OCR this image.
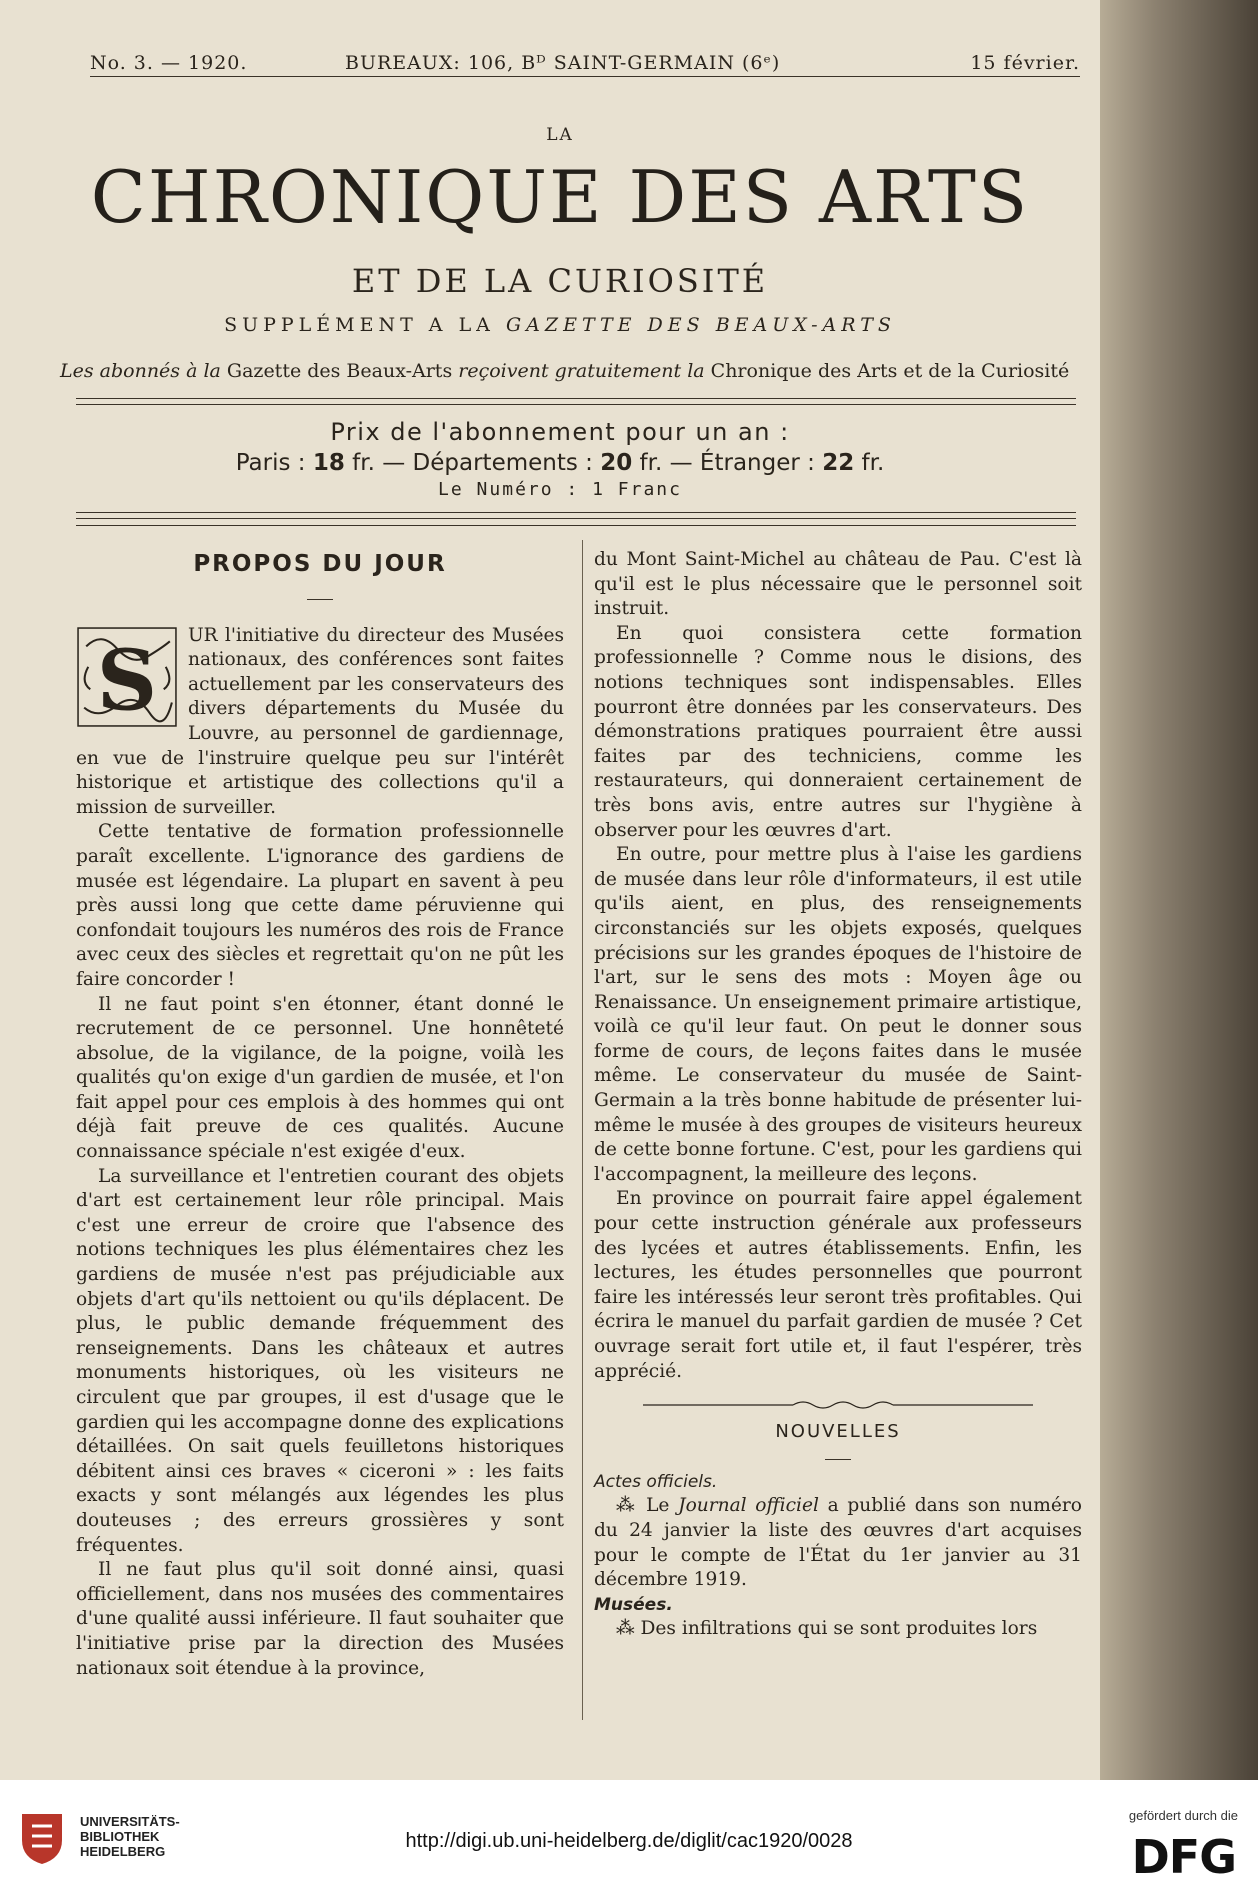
No. 3. — 1920.	BUREAUX: 106, Bᴰ SAINT-GERMAIN (6ᵉ)	15 février.
LA
CHRONIQUE DES ARTS
ET DE LA CURIOSITÉ
SUPPLÉMENT A LA GAZETTE DES BEAUX-ARTS
Les abonnés à la Gazette des Beaux-Arts reçoivent gratuitement la Chronique des Arts et de la Curiosité
Prix de l'abonnement pour un an :
Paris : 18 fr. — Départements : 20 fr. — Étranger : 22 fr.
Le Numéro : 1 Franc
PROPOS DU JOUR
S	UR l'initiative du directeur des Musées nationaux, des conférences sont faites actuellement par les conservateurs des divers départements du Musée du Louvre, au personnel de gardiennage, en vue de l'instruire quelque peu sur l'intérêt historique et artistique des collections qu'il a mission de surveiller.

Cette tentative de formation professionnelle paraît excellente. L'ignorance des gardiens de musée est légendaire. La plupart en savent à peu près aussi long que cette dame péruvienne qui confondait toujours les numéros des rois de France avec ceux des siècles et regrettait qu'on ne pût les faire concorder !

Il ne faut point s'en étonner, étant donné le recrutement de ce personnel. Une honnêteté absolue, de la vigilance, de la poigne, voilà les qualités qu'on exige d'un gardien de musée, et l'on fait appel pour ces emplois à des hommes qui ont déjà fait preuve de ces qualités. Aucune connaissance spéciale n'est exigée d'eux.

La surveillance et l'entretien courant des objets d'art est certainement leur rôle principal. Mais c'est une erreur de croire que l'absence des notions techniques les plus élémentaires chez les gardiens de musée n'est pas préjudiciable aux objets d'art qu'ils nettoient ou qu'ils déplacent. De plus, le public demande fréquemment des renseignements. Dans les châteaux et autres monuments historiques, où les visiteurs ne circulent que par groupes, il est d'usage que le gardien qui les accompagne donne des explications détaillées. On sait quels feuilletons historiques débitent ainsi ces braves « ciceroni » : les faits exacts y sont mélangés aux légendes les plus douteuses ; des erreurs grossières y sont fréquentes.

Il ne faut plus qu'il soit donné ainsi, quasi officiellement, dans nos musées des commentaires d'une qualité aussi inférieure. Il faut souhaiter que l'initiative prise par la direction des Musées nationaux soit étendue à la province,

du Mont Saint-Michel au château de Pau. C'est là qu'il est le plus nécessaire que le personnel soit instruit.

En quoi consistera cette formation professionnelle ? Comme nous le disions, des notions techniques sont indispensables. Elles pourront être données par les conservateurs. Des démonstrations pratiques pourraient être aussi faites par des techniciens, comme les restaurateurs, qui donneraient certainement de très bons avis, entre autres sur l'hygiène à observer pour les œuvres d'art.

En outre, pour mettre plus à l'aise les gardiens de musée dans leur rôle d'informateurs, il est utile qu'ils aient, en plus, des renseignements circonstanciés sur les objets exposés, quelques précisions sur les grandes époques de l'histoire de l'art, sur le sens des mots : Moyen âge ou Renaissance. Un enseignement primaire artistique, voilà ce qu'il leur faut. On peut le donner sous forme de cours, de leçons faites dans le musée même. Le conservateur du musée de Saint-Germain a la très bonne habitude de présenter lui-même le musée à des groupes de visiteurs heureux de cette bonne fortune. C'est, pour les gardiens qui l'accompagnent, la meilleure des leçons.

En province on pourrait faire appel également pour cette instruction générale aux professeurs des lycées et autres établissements. Enfin, les lectures, les études personnelles que pourront faire les intéressés leur seront très profitables. Qui écrira le manuel du parfait gardien de musée ? Cet ouvrage serait fort utile et, il faut l'espérer, très apprécié.

NOUVELLES

Actes officiels.

⁂ Le Journal officiel a publié dans son numéro du 24 janvier la liste des œuvres d'art acquises pour le compte de l'État du 1er janvier au 31 décembre 1919.

Musées.

⁂ Des infiltrations qui se sont produites lors

UNIVERSITÄTS-
BIBLIOTHEK
HEIDELBERG	http://digi.ub.uni-heidelberg.de/diglit/cac1920/0028
gefördert durch die
DFG
